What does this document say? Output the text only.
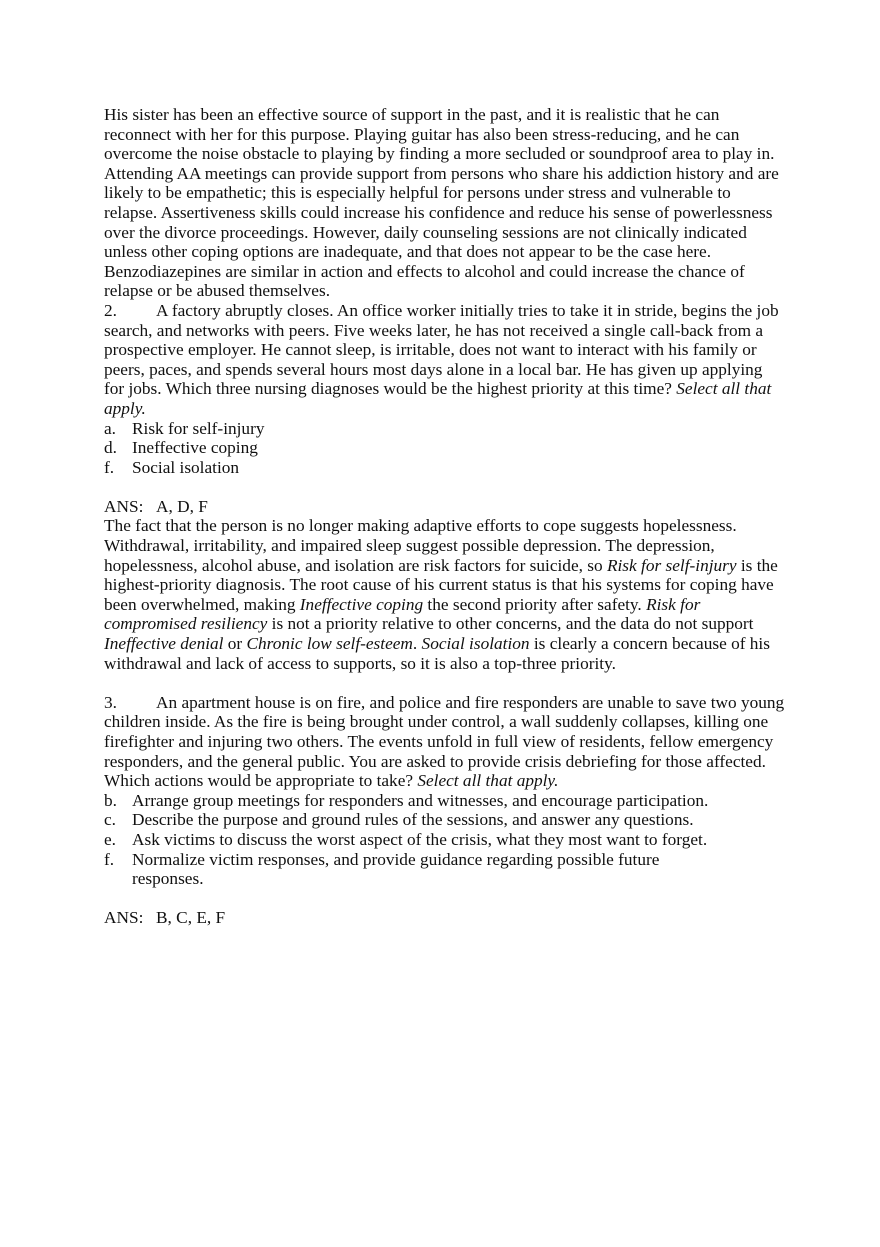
His sister has been an effective source of support in the past, and it is realistic that he can reconnect with her for this purpose. Playing guitar has also been stress-reducing, and he can overcome the noise obstacle to playing by finding a more secluded or soundproof area to play in. Attending AA meetings can provide support from persons who share his addiction history and are likely to be empathetic; this is especially helpful for persons under stress and vulnerable to relapse. Assertiveness skills could increase his confidence and reduce his sense of powerlessness over the divorce proceedings. However, daily counseling sessions are not clinically indicated unless other coping options are inadequate, and that does not appear to be the case here. Benzodiazepines are similar in action and effects to alcohol and could increase the chance of relapse or be abused themselves.

2. A factory abruptly closes. An office worker initially tries to take it in stride, begins the job search, and networks with peers. Five weeks later, he has not received a single call-back from a prospective employer. He cannot sleep, is irritable, does not want to interact with his family or peers, paces, and spends several hours most days alone in a local bar. He has given up applying for jobs. Which three nursing diagnoses would be the highest priority at this time? Select all that apply.

a. Risk for self-injury
d. Ineffective coping
f.	Social isolation
ANS: A, D, F

The fact that the person is no longer making adaptive efforts to cope suggests hopelessness. Withdrawal, irritability, and impaired sleep suggest possible depression. The depression, hopelessness, alcohol abuse, and isolation are risk factors for suicide, so Risk for self-injury is the highest-priority diagnosis. The root cause of his current status is that his systems for coping have been overwhelmed, making Ineffective coping the second priority after safety. Risk for compromised resiliency is not a priority relative to other concerns, and the data do not support Ineffective denial or Chronic low self-esteem. Social isolation is clearly a concern because of his withdrawal and lack of access to supports, so it is also a top-three priority.

3. An apartment house is on fire, and police and fire responders are unable to save two young children inside. As the fire is being brought under control, a wall suddenly collapses, killing one firefighter and injuring two others. The events unfold in full view of residents, fellow emergency responders, and the general public. You are asked to provide crisis debriefing for those affected. Which actions would be appropriate to take? Select all that apply.

b. Arrange group meetings for responders and witnesses, and encourage participation.
c. Describe the purpose and ground rules of the sessions, and answer any questions.
e. Ask victims to discuss the worst aspect of the crisis, what they most want to forget.
f.	Normalize victim responses, and provide guidance regarding possible future responses.
ANS: B, C, E, F
